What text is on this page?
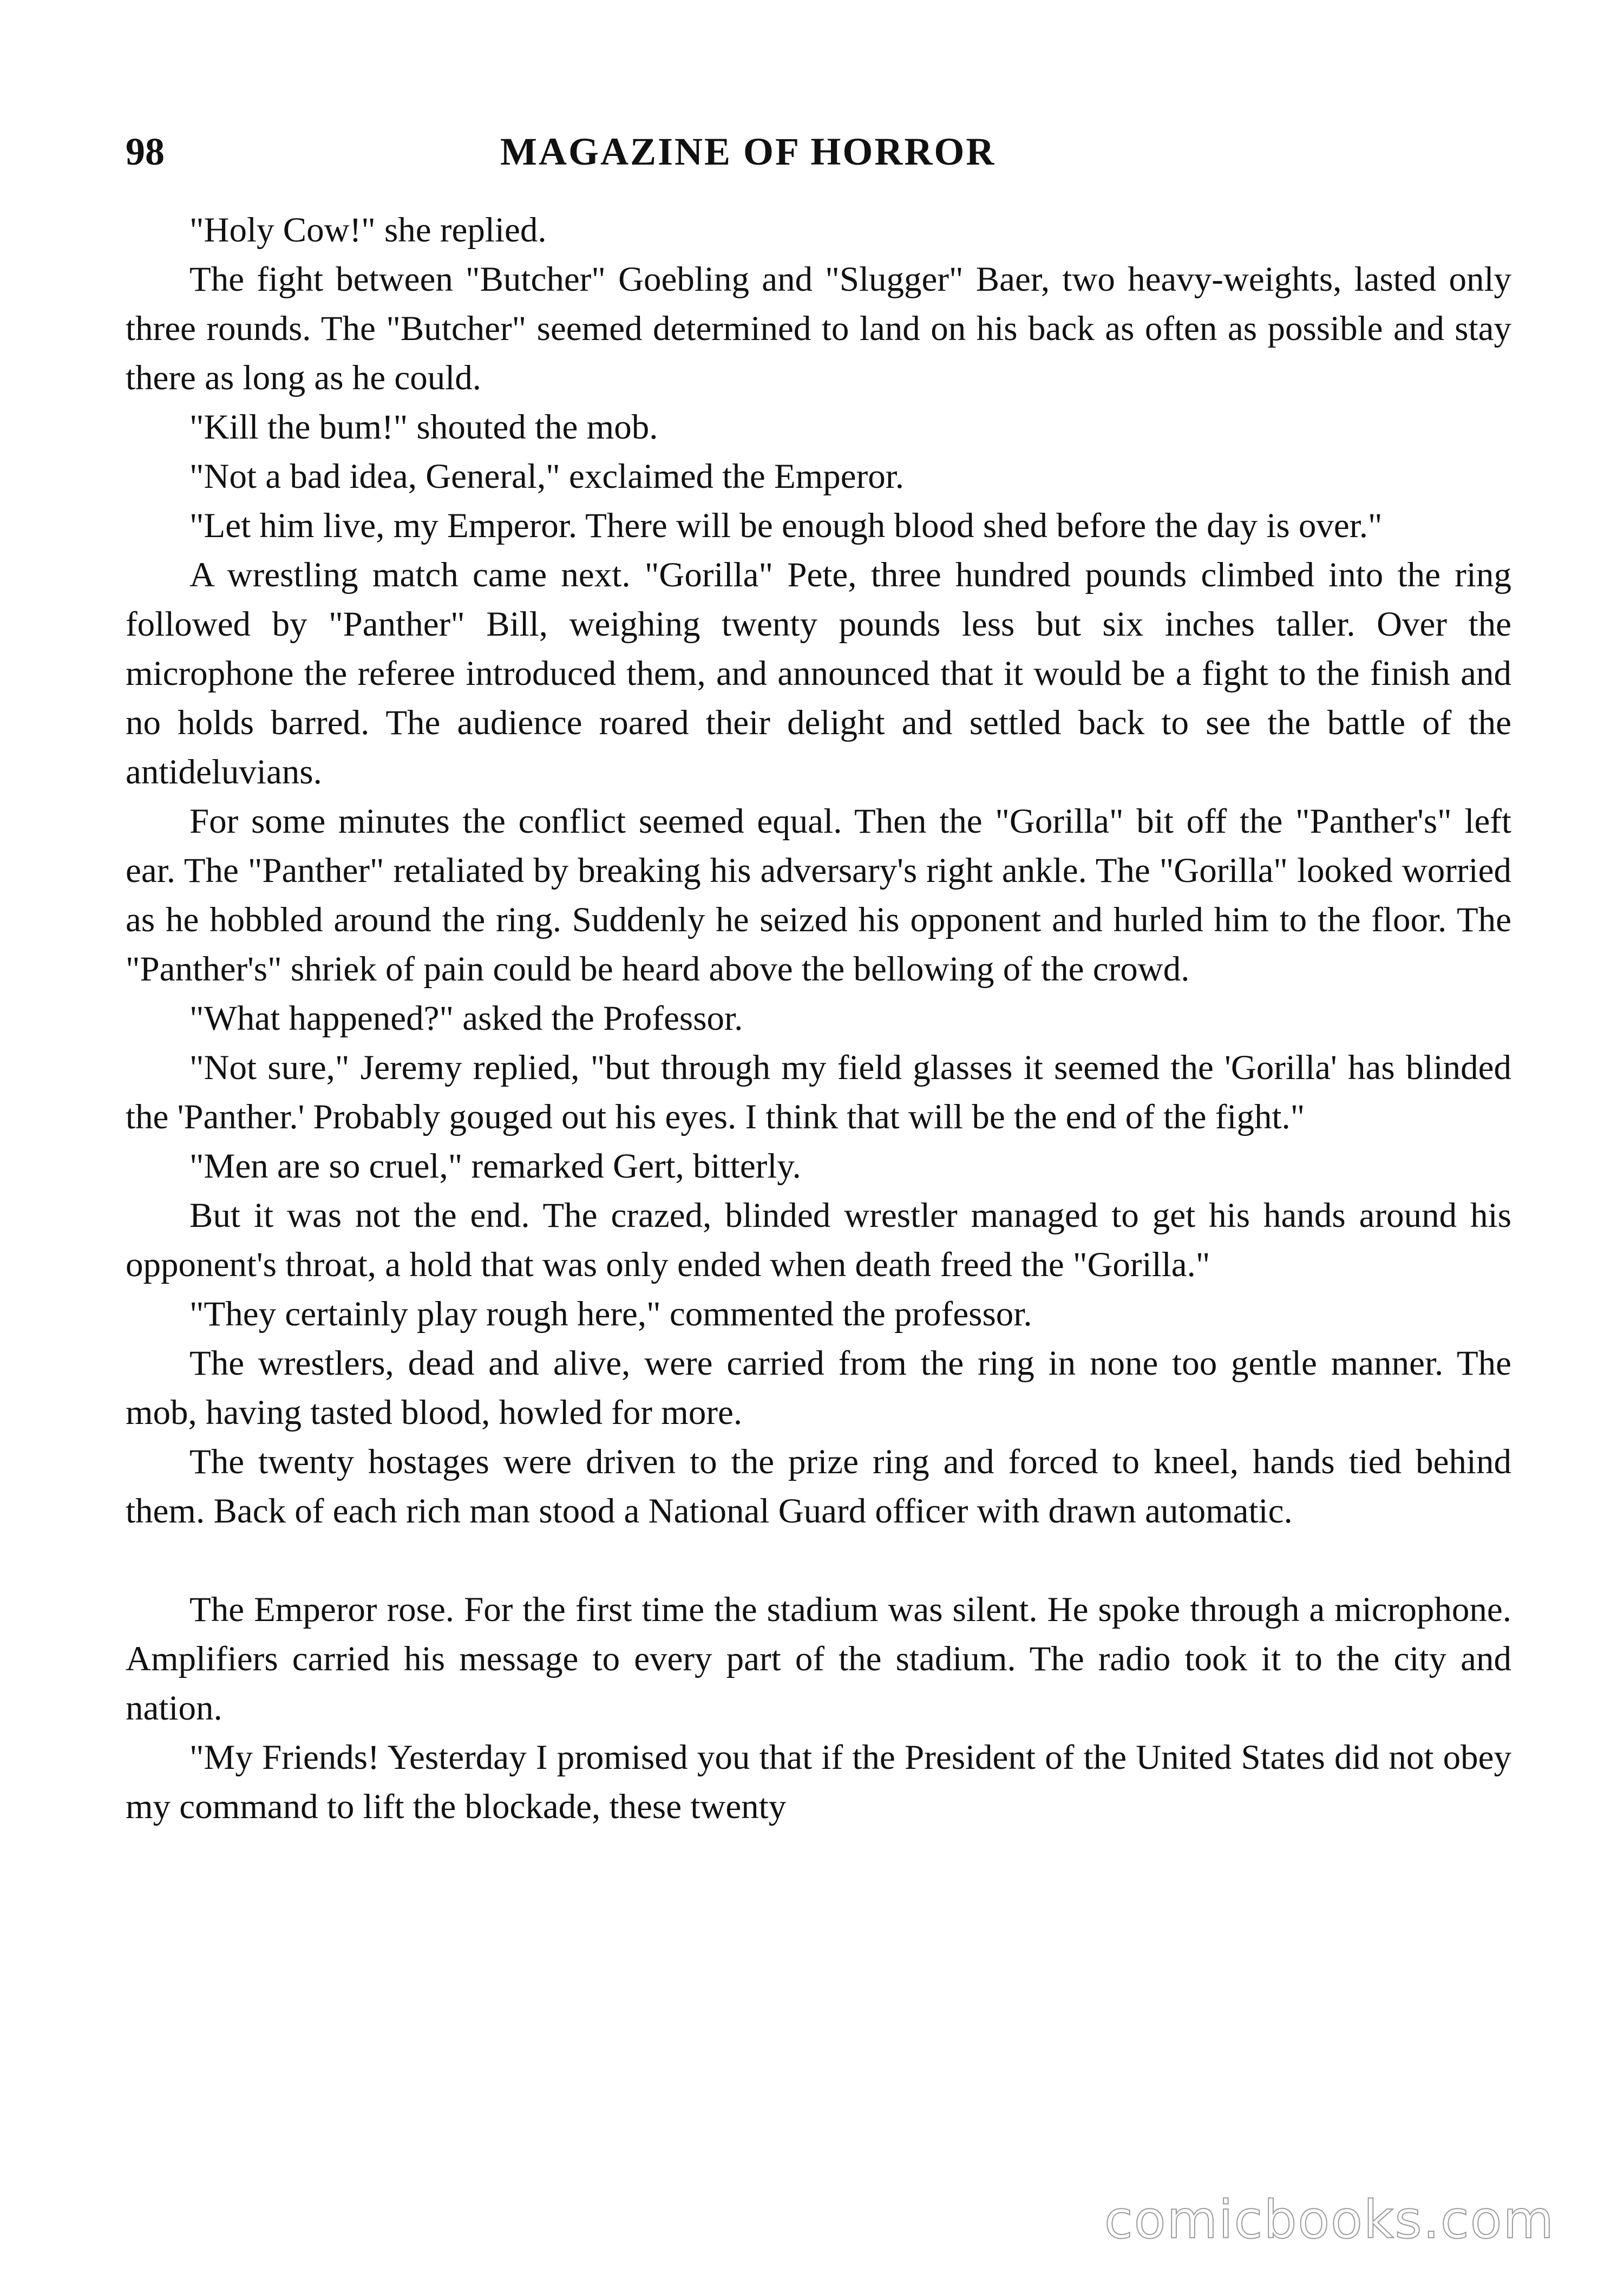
98	MAGAZINE OF HORROR

"Holy Cow!" she replied.

The fight between "Butcher" Goebling and "Slugger" Baer, two heavy-weights, lasted only three rounds. The "Butcher" seemed determined to land on his back as often as possible and stay there as long as he could.

"Kill the bum!" shouted the mob.

"Not a bad idea, General," exclaimed the Emperor.

"Let him live, my Emperor. There will be enough blood shed before the day is over."

A wrestling match came next. "Gorilla" Pete, three hundred pounds climbed into the ring followed by "Panther" Bill, weighing twenty pounds less but six inches taller. Over the microphone the referee introduced them, and announced that it would be a fight to the finish and no holds barred. The audience roared their delight and settled back to see the battle of the antideluvians.

For some minutes the conflict seemed equal. Then the "Gorilla" bit off the "Panther's" left ear. The "Panther" retaliated by breaking his adversary's right ankle. The "Gorilla" looked worried as he hobbled around the ring. Suddenly he seized his opponent and hurled him to the floor. The "Panther's" shriek of pain could be heard above the bellowing of the crowd.

"What happened?" asked the Professor.

"Not sure," Jeremy replied, "but through my field glasses it seemed the 'Gorilla' has blinded the 'Panther.' Probably gouged out his eyes. I think that will be the end of the fight."

"Men are so cruel," remarked Gert, bitterly.

But it was not the end. The crazed, blinded wrestler managed to get his hands around his opponent's throat, a hold that was only ended when death freed the "Gorilla."

"They certainly play rough here," commented the professor.

The wrestlers, dead and alive, were carried from the ring in none too gentle manner. The mob, having tasted blood, howled for more.

The twenty hostages were driven to the prize ring and forced to kneel, hands tied behind them. Back of each rich man stood a National Guard officer with drawn automatic.

The Emperor rose. For the first time the stadium was silent. He spoke through a microphone. Amplifiers carried his message to every part of the stadium. The radio took it to the city and nation.

"My Friends! Yesterday I promised you that if the President of the United States did not obey my command to lift the blockade, these twenty

comicbooks.com
